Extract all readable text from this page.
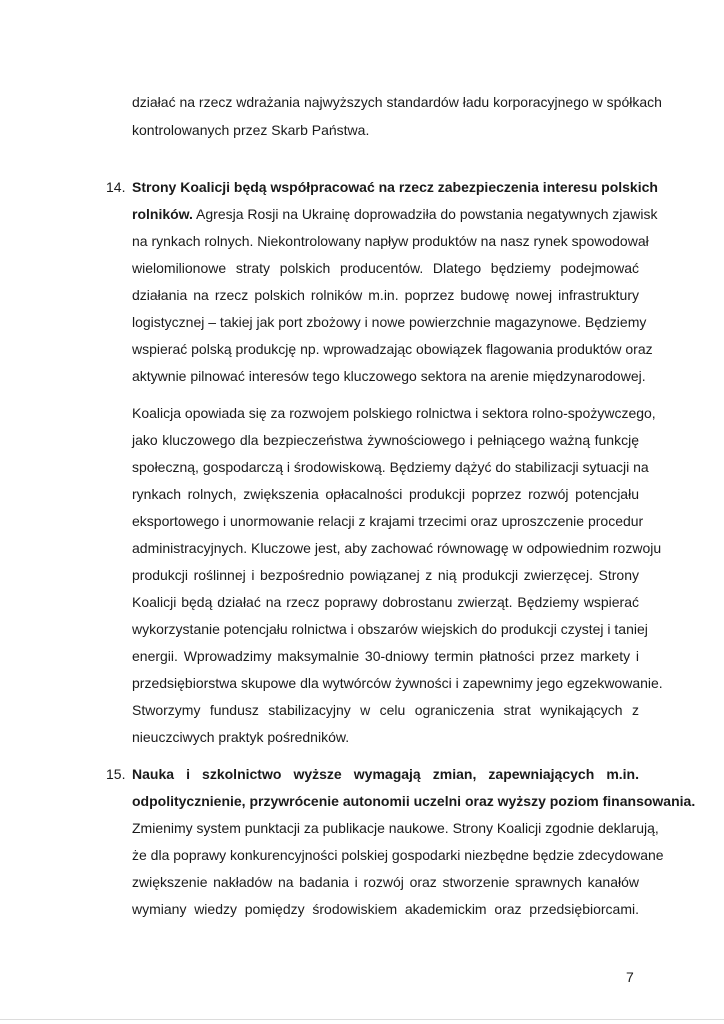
działać na rzecz wdrażania najwyższych standardów ładu korporacyjnego w spółkach
kontrolowanych przez Skarb Państwa.
14. Strony Koalicji będą współpracować na rzecz zabezpieczenia interesu polskich
rolników. Agresja Rosji na Ukrainę doprowadziła do powstania negatywnych zjawisk
na rynkach rolnych. Niekontrolowany napływ produktów na nasz rynek spowodował
wielomilionowe straty polskich producentów. Dlatego będziemy podejmować
działania na rzecz polskich rolników m.in. poprzez budowę nowej infrastruktury
logistycznej – takiej jak port zbożowy i nowe powierzchnie magazynowe. Będziemy
wspierać polską produkcję np. wprowadzając obowiązek flagowania produktów oraz
aktywnie pilnować interesów tego kluczowego sektora na arenie międzynarodowej.
Koalicja opowiada się za rozwojem polskiego rolnictwa i sektora rolno-spożywczego,
jako kluczowego dla bezpieczeństwa żywnościowego i pełniącego ważną funkcję
społeczną, gospodarczą i środowiskową. Będziemy dążyć do stabilizacji sytuacji na
rynkach rolnych, zwiększenia opłacalności produkcji poprzez rozwój potencjału
eksportowego i unormowanie relacji z krajami trzecimi oraz uproszczenie procedur
administracyjnych. Kluczowe jest, aby zachować równowagę w odpowiednim rozwoju
produkcji roślinnej i bezpośrednio powiązanej z nią produkcji zwierzęcej. Strony
Koalicji będą działać na rzecz poprawy dobrostanu zwierząt. Będziemy wspierać
wykorzystanie potencjału rolnictwa i obszarów wiejskich do produkcji czystej i taniej
energii. Wprowadzimy maksymalnie 30-dniowy termin płatności przez markety i
przedsiębiorstwa skupowe dla wytwórców żywności i zapewnimy jego egzekwowanie.
Stworzymy fundusz stabilizacyjny w celu ograniczenia strat wynikających z
nieuczciwych praktyk pośredników.
15. Nauka i szkolnictwo wyższe wymagają zmian, zapewniających m.in.
odpolitycznienie, przywrócenie autonomii uczelni oraz wyższy poziom finansowania.
Zmienimy system punktacji za publikacje naukowe. Strony Koalicji zgodnie deklarują,
że dla poprawy konkurencyjności polskiej gospodarki niezbędne będzie zdecydowane
zwiększenie nakładów na badania i rozwój oraz stworzenie sprawnych kanałów
wymiany wiedzy pomiędzy środowiskiem akademickim oraz przedsiębiorcami.
7
